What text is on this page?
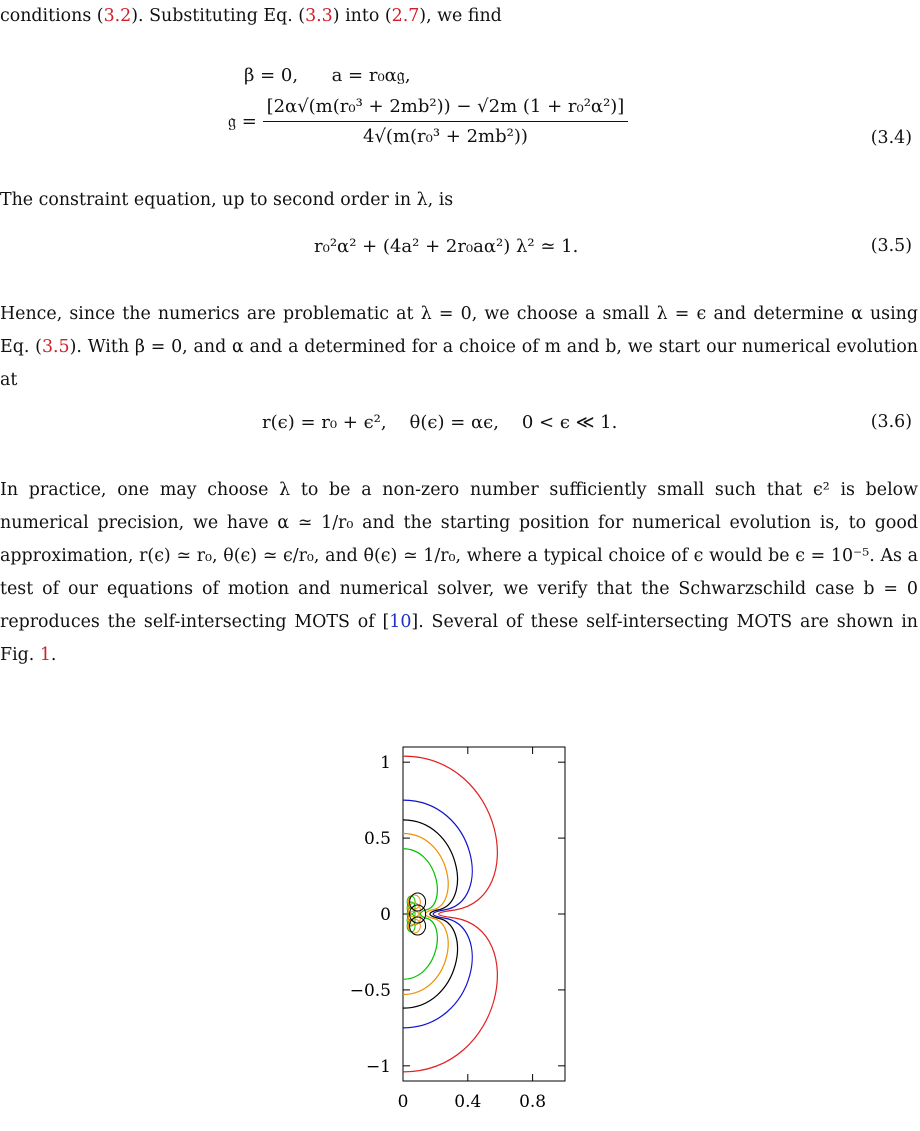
conditions (3.2). Substituting Eq. (3.3) into (2.7), we find
β = 0, a = r₀α𝔤,
𝔤 = $\frac{\text{[2α√(m(r₀³ + 2mb²)) − √2m (1 + r₀²α²)]}}{\text{4√(m(r₀³ + 2mb²))}}$	(3.4)
The constraint equation, up to second order in λ, is
r₀²α² + (4a² + 2r₀aα²) λ² ≃ 1.	(3.5)
Hence, since the numerics are problematic at λ = 0, we choose a small λ = ϵ and determine α using Eq. (3.5). With β = 0, and α and a determined for a choice of m and b, we start our numerical evolution at
r(ϵ) = r₀ + ϵ²,    θ(ϵ) = αϵ,    0 < ϵ ≪ 1.	(3.6)
In practice, one may choose λ to be a non-zero number sufficiently small such that ϵ² is below numerical precision, we have α ≃ 1/r₀ and the starting position for numerical evolution is, to good approximation, r(ϵ) ≃ r₀, θ(ϵ) ≃ ϵ/r₀, and θ̇(ϵ) ≃ 1/r₀, where a typical choice of ϵ would be ϵ = 10⁻⁵. As a test of our equations of motion and numerical solver, we verify that the Schwarzschild case b = 0 reproduces the self-intersecting MOTS of [10]. Several of these self-intersecting MOTS are shown in Fig. 1.
1
0.5
0
−0.5
−1
0	0.4 0.8
